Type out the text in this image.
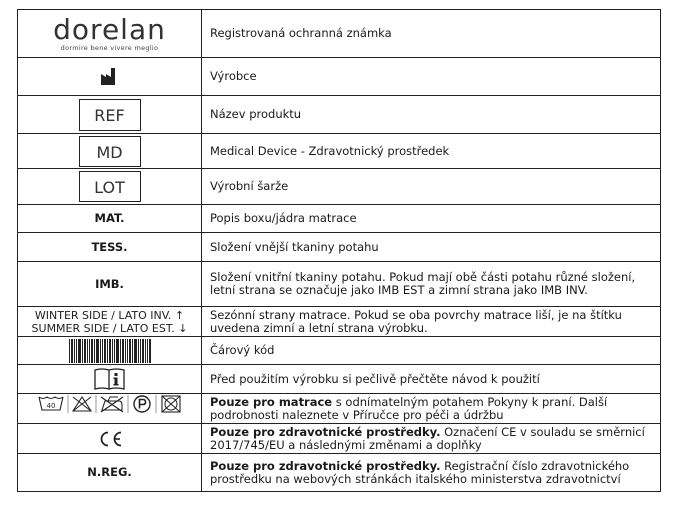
dorelan
dormire bene vivere meglio	Registrovaná ochranná známka
	Výrobce
REF	Název produktu
MD	Medical Device - Zdravotnický prostředek
LOT	Výrobní šarže
MAT.	Popis boxu/jádra matrace
TESS.	Složení vnější tkaniny potahu
IMB.	Složení vnitřní tkaniny potahu. Pokud mají obě části potahu různé složení, letní strana se označuje jako IMB EST a zimní strana jako IMB INV.

WINTER SIDE / LATO INV. ↑
SUMMER SIDE / LATO EST. ↓	Sezónní strany matrace. Pokud se oba povrchy matrace liší, je na štítku uvedena zimní a letní strana výrobku.
	Čárový kód
	Před použitím výrobku si pečlivě přečtěte návod k použití

40	Pouze pro matrace s odnímatelným potahem Pokyny k praní. Další podrobnosti naleznete v Příručce pro péči a údržbu
	Pouze pro zdravotnické prostředky. Označení CE v souladu se směrnicí 2017/745/EU a následnými změnami a doplňky
N.REG.	Pouze pro zdravotnické prostředky. Registrační číslo zdravotnického prostředku na webových stránkách italského ministerstva zdravotnictví
